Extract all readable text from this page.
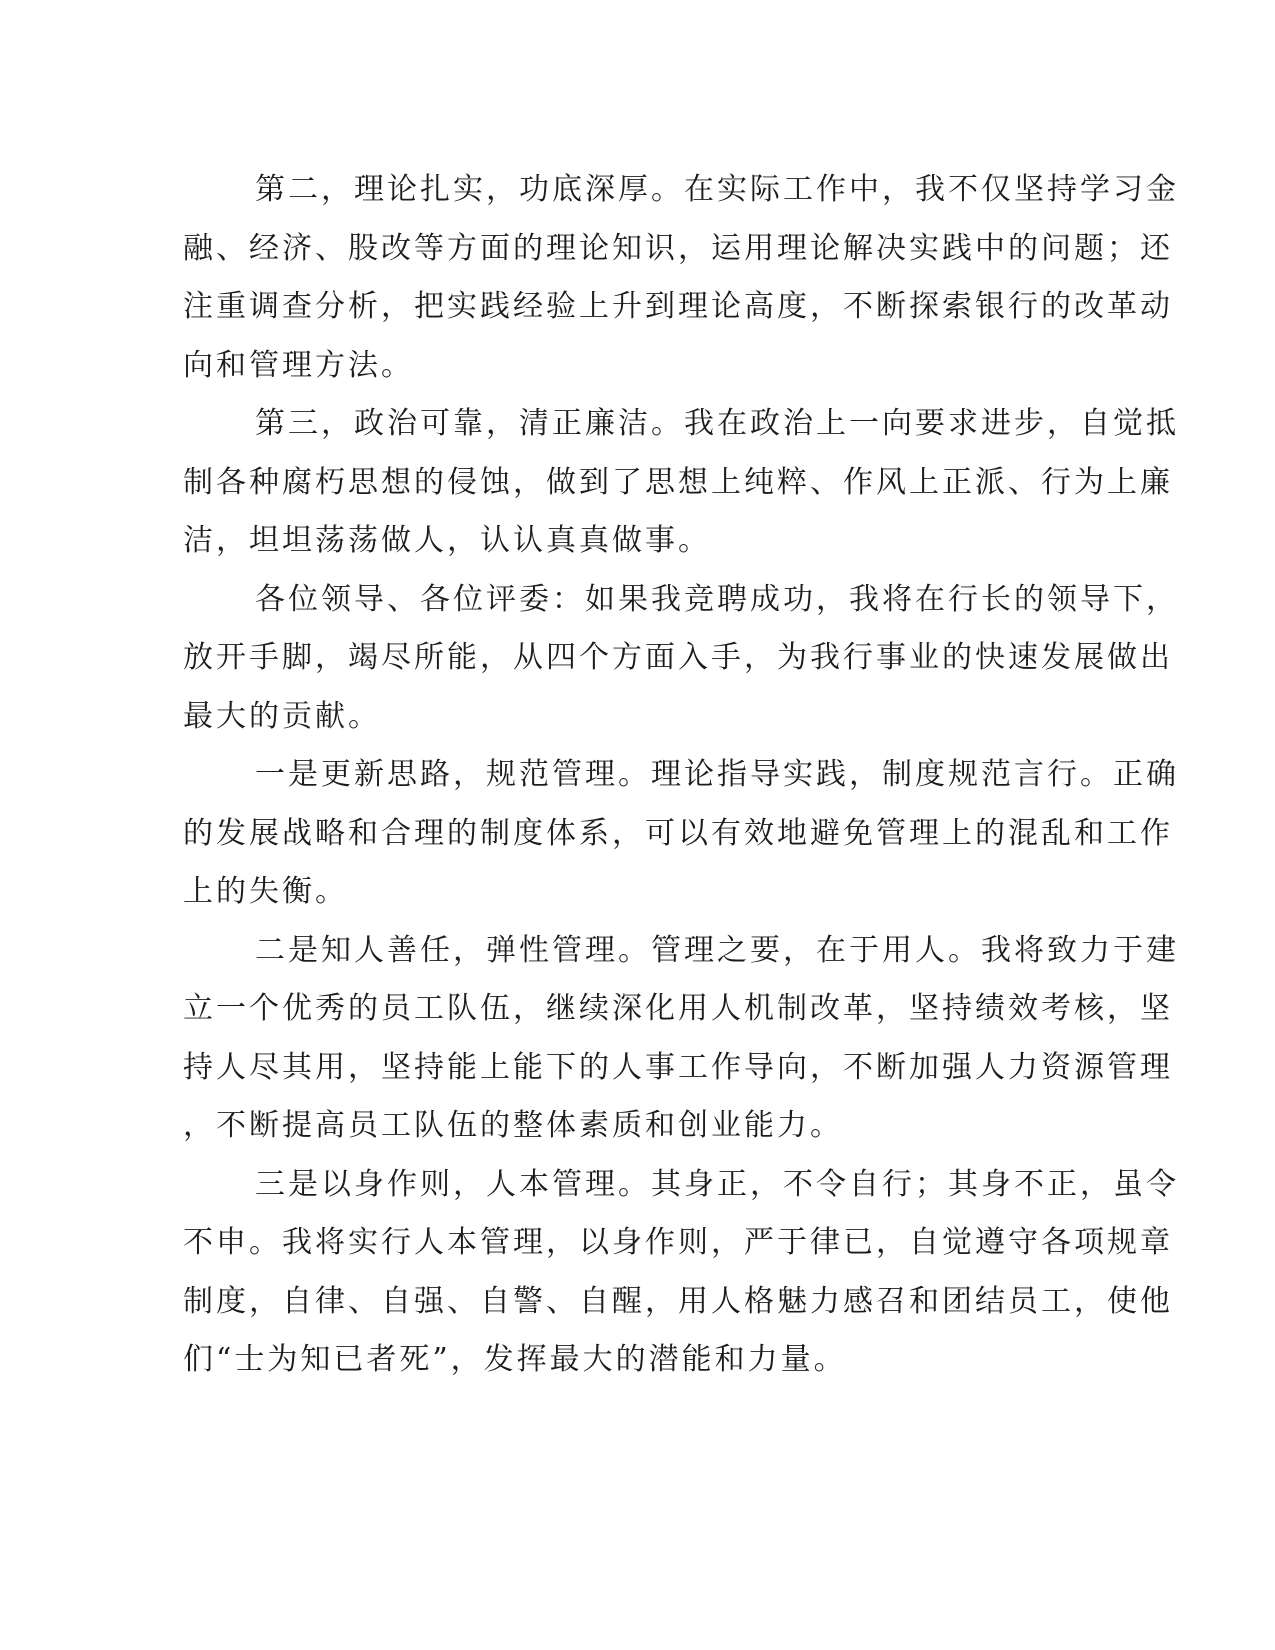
第二，理论扎实，功底深厚。在实际工作中，我不仅坚持学习金
融、经济、股改等方面的理论知识，运用理论解决实践中的问题；还
注重调查分析，把实践经验上升到理论高度，不断探索银行的改革动
向和管理方法。

第三，政治可靠，清正廉洁。我在政治上一向要求进步，自觉抵
制各种腐朽思想的侵蚀，做到了思想上纯粹、作风上正派、行为上廉
洁，坦坦荡荡做人，认认真真做事。

各位领导、各位评委：如果我竞聘成功，我将在行长的领导下，
放开手脚，竭尽所能，从四个方面入手，为我行事业的快速发展做出
最大的贡献。

一是更新思路，规范管理。理论指导实践，制度规范言行。正确
的发展战略和合理的制度体系，可以有效地避免管理上的混乱和工作
上的失衡。

二是知人善任，弹性管理。管理之要，在于用人。我将致力于建
立一个优秀的员工队伍，继续深化用人机制改革，坚持绩效考核，坚
持人尽其用，坚持能上能下的人事工作导向，不断加强人力资源管理
，不断提高员工队伍的整体素质和创业能力。

三是以身作则，人本管理。其身正，不令自行；其身不正，虽令
不申。我将实行人本管理，以身作则，严于律已，自觉遵守各项规章
制度，自律、自强、自警、自醒，用人格魅力感召和团结员工，使他
们“士为知已者死”，发挥最大的潜能和力量。
